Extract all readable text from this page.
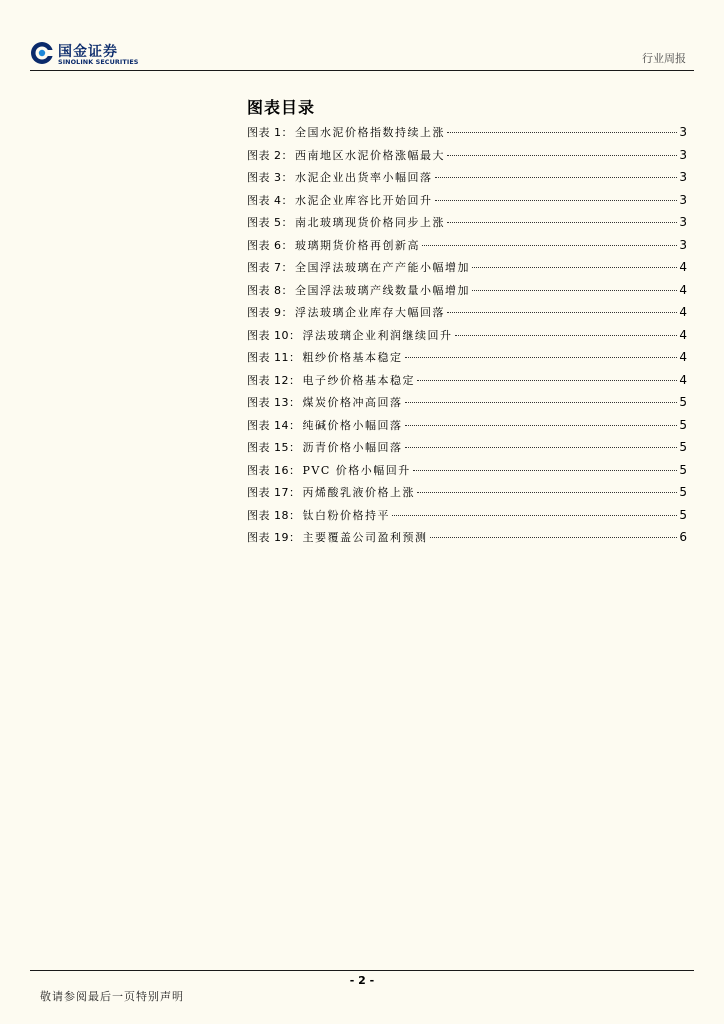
国金证券
SINOLINK SECURITIES	行业周报
图表目录
图表 1： 全国水泥价格指数持续上涨	3
图表 2： 西南地区水泥价格涨幅最大	3
图表 3： 水泥企业出货率小幅回落	3
图表 4： 水泥企业库容比开始回升	3
图表 5： 南北玻璃现货价格同步上涨	3
图表 6： 玻璃期货价格再创新高	3
图表 7： 全国浮法玻璃在产产能小幅增加	4
图表 8： 全国浮法玻璃产线数量小幅增加	4
图表 9： 浮法玻璃企业库存大幅回落	4
图表 10： 浮法玻璃企业利润继续回升	4
图表 11： 粗纱价格基本稳定	4
图表 12： 电子纱价格基本稳定	4
图表 13： 煤炭价格冲高回落	5
图表 14： 纯碱价格小幅回落	5
图表 15： 沥青价格小幅回落	5
图表 16： PVC 价格小幅回升	5
图表 17： 丙烯酸乳液价格上涨	5
图表 18： 钛白粉价格持平	5
图表 19： 主要覆盖公司盈利预测	6
- 2 -
敬请参阅最后一页特别声明
